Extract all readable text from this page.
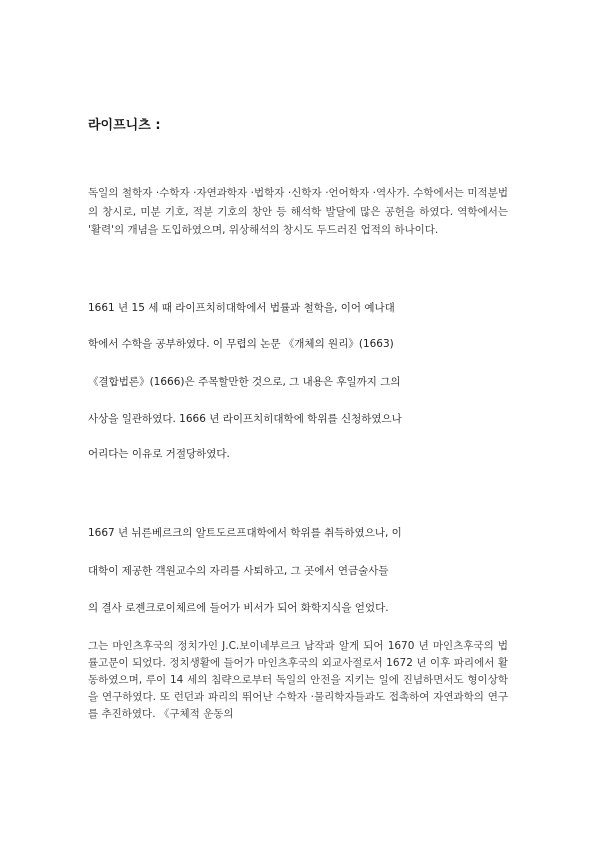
라이프니츠 :

독일의 철학자 ·수학자 ·자연과학자 ·법학자 ·신학자 ·언어학자 ·역사가. 수학에서는 미적분법의 창시로, 미분 기호, 적분 기호의 창안 등 해석학 발달에 많은 공헌을 하였다. 역학에서는 '활력'의 개념을 도입하였으며, 위상해석의 창시도 두드러진 업적의 하나이다.

1661 년 15 세 때 라이프치히대학에서 법률과 철학을, 이어 예나대

학에서 수학을 공부하였다. 이 무렵의 논문 《개체의 원리》(1663)

《결합법론》(1666)은 주목할만한 것으로, 그 내용은 후일까지 그의

사상을 일관하였다. 1666 년 라이프치히대학에 학위를 신청하였으나

어리다는 이유로 거절당하였다.

1667 년 뉘른베르크의 알트도르프대학에서 학위를 취득하였으나, 이

대학이 제공한 객원교수의 자리를 사퇴하고, 그 곳에서 연금술사들

의 결사 로젠크로이체르에 들어가 비서가 되어 화학지식을 얻었다.

그는 마인츠후국의 정치가인 J.C.보이네부르크 남작과 알게 되어 1670 년 마인츠후국의 법률고문이 되었다. 정치생활에 들어가 마인츠후국의 외교사절로서 1672 년 이후 파리에서 활동하였으며, 루이 14 세의 침략으로부터 독일의 안전을 지키는 일에 진념하면서도 형이상학을 연구하였다. 또 런던과 파리의 뛰어난 수학자 ·물리학자들과도 접촉하여 자연과학의 연구를 추진하였다. 《구체적 운동의
